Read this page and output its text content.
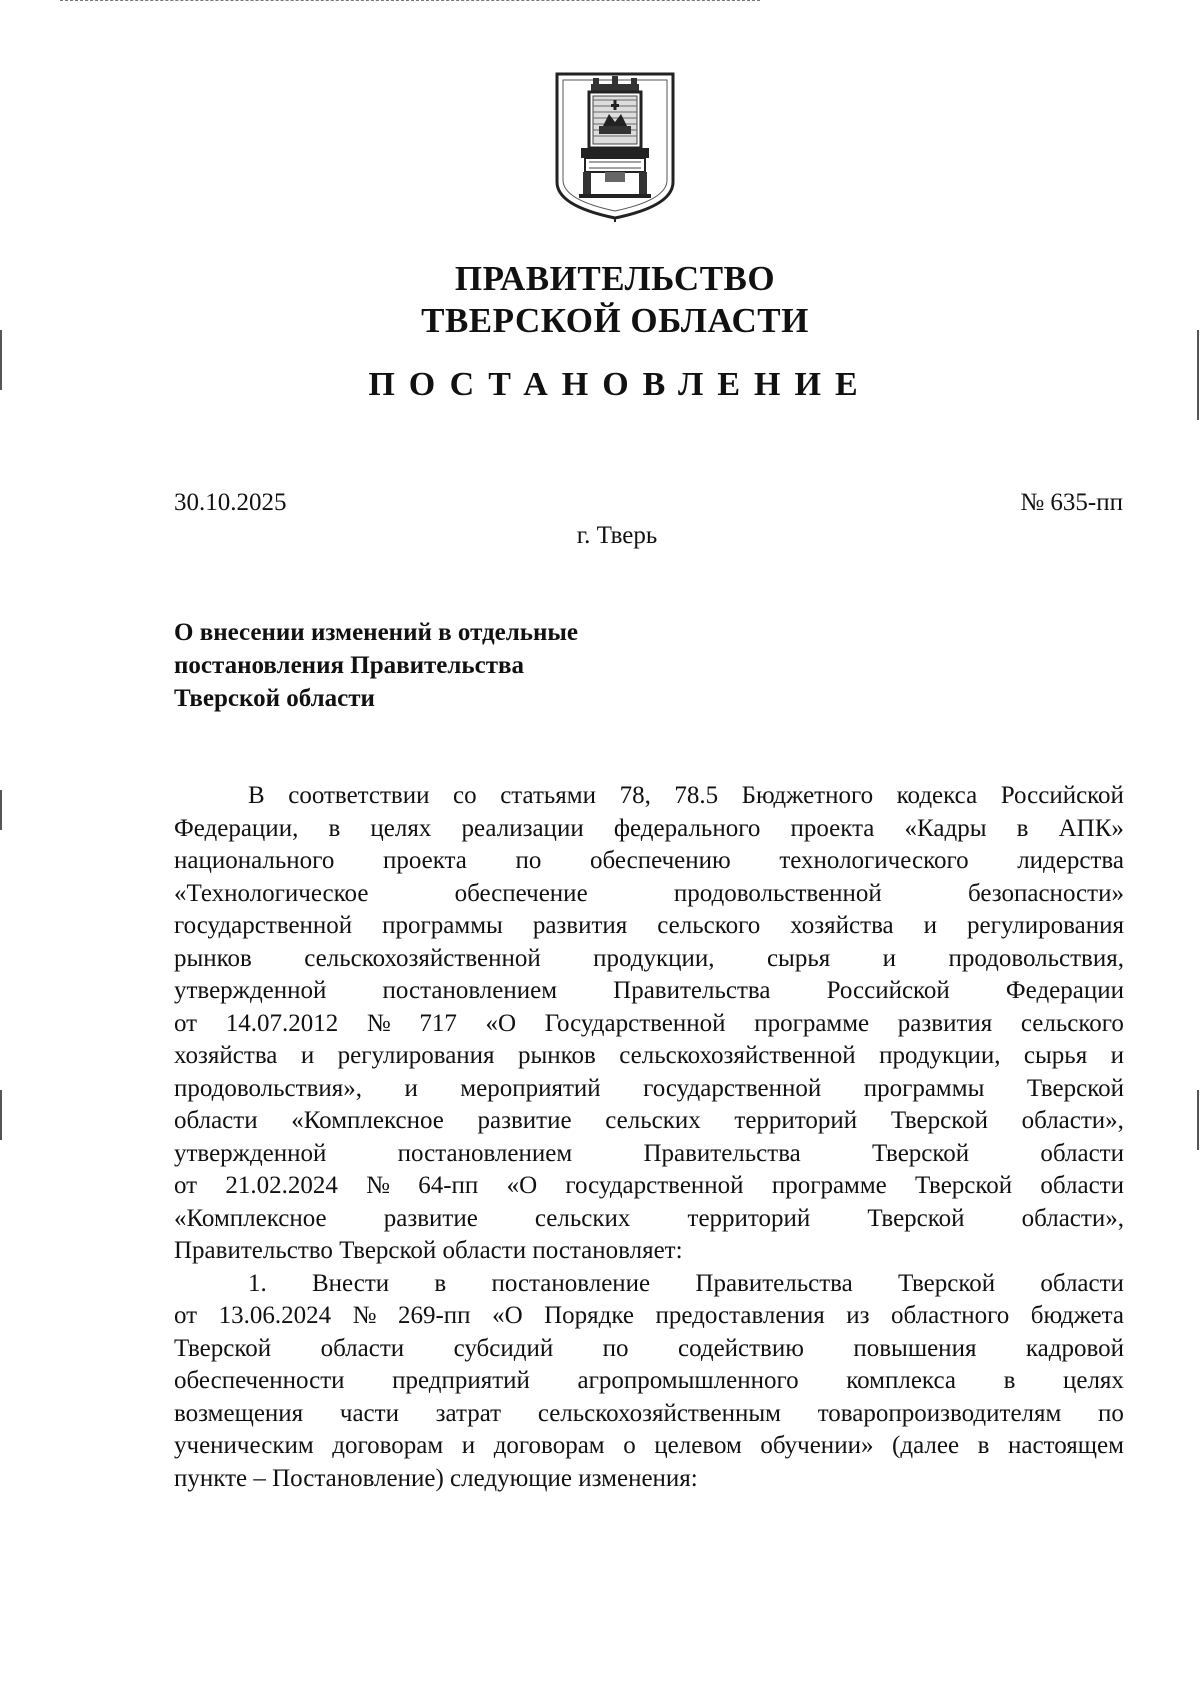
ПРАВИТЕЛЬСТВО
ТВЕРСКОЙ ОБЛАСТИ
ПОСТАНОВЛЕНИЕ
30.10.2025	№ 635-пп
г. Тверь
О внесении изменений в отдельные
постановления Правительства
Тверской области
В соответствии со статьями 78, 78.5 Бюджетного кодекса Российской
Федерации, в целях реализации федерального проекта «Кадры в АПК»
национального проекта по обеспечению технологического лидерства
«Технологическое	обеспечение	продовольственной	безопасности»
государственной программы развития сельского хозяйства и регулирования
рынков сельскохозяйственной продукции, сырья и продовольствия,
утвержденной постановлением Правительства Российской Федерации
от 14.07.2012 № 717 «О Государственной программе развития сельского
хозяйства и регулирования рынков сельскохозяйственной продукции, сырья и
продовольствия», и мероприятий государственной программы Тверской
области «Комплексное развитие сельских территорий Тверской области»,
утвержденной	постановлением	Правительства	Тверской	области
от 21.02.2024 № 64-пп «О государственной программе Тверской области
«Комплексное развитие сельских территорий Тверской области»,
Правительство Тверской области постановляет:
1. Внести в постановление Правительства Тверской области
от 13.06.2024 № 269-пп «О Порядке предоставления из областного бюджета
Тверской области субсидий по содействию повышения кадровой
обеспеченности предприятий агропромышленного комплекса в целях
возмещения части затрат сельскохозяйственным товаропроизводителям по
ученическим договорам и договорам о целевом обучении» (далее в настоящем
пункте – Постановление) следующие изменения:
